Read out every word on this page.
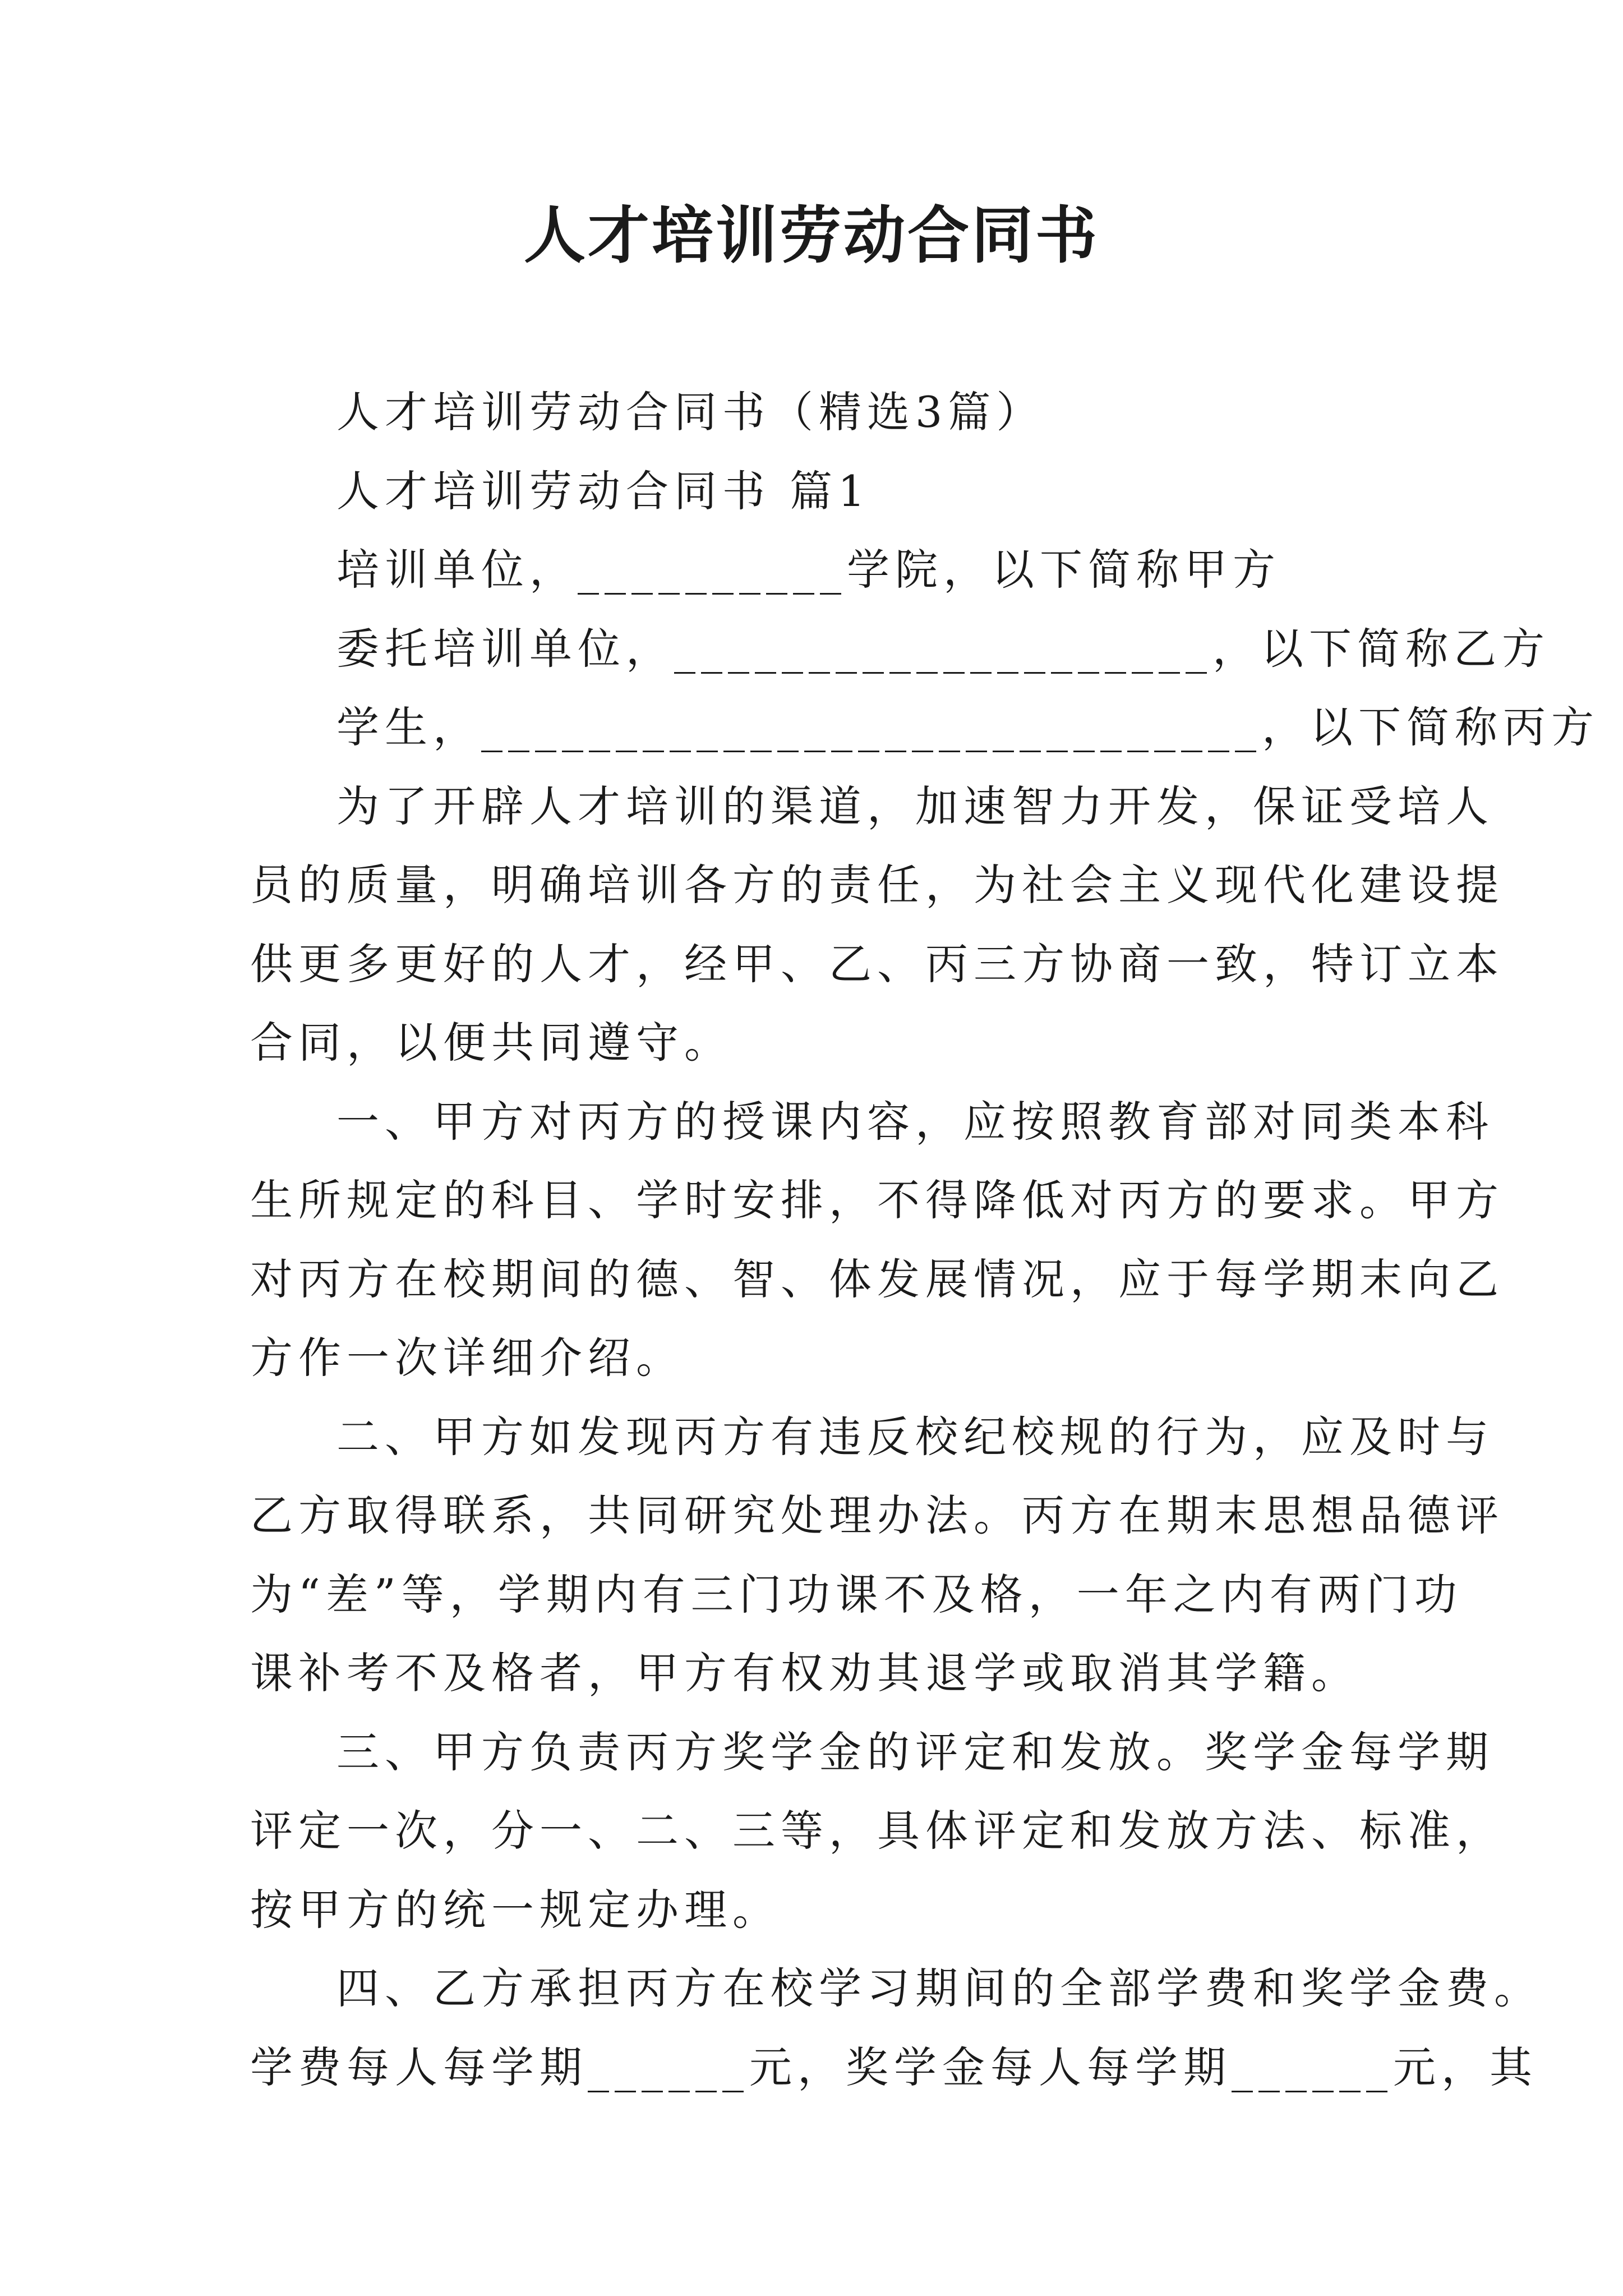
人才培训劳动合同书
人才培训劳动合同书（精选3篇）
人才培训劳动合同书 篇1
培训单位，__________学院，以下简称甲方
委托培训单位，____________________，以下简称乙方
学生，_____________________________，以下简称丙方
为了开辟人才培训的渠道，加速智力开发，保证受培人
员的质量，明确培训各方的责任，为社会主义现代化建设提
供更多更好的人才，经甲、乙、丙三方协商一致，特订立本
合同，以便共同遵守。
一、甲方对丙方的授课内容，应按照教育部对同类本科
生所规定的科目、学时安排，不得降低对丙方的要求。甲方
对丙方在校期间的德、智、体发展情况，应于每学期末向乙
方作一次详细介绍。
二、甲方如发现丙方有违反校纪校规的行为，应及时与
乙方取得联系，共同研究处理办法。丙方在期末思想品德评
为“差”等，学期内有三门功课不及格，一年之内有两门功
课补考不及格者，甲方有权劝其退学或取消其学籍。
三、甲方负责丙方奖学金的评定和发放。奖学金每学期
评定一次，分一、二、三等，具体评定和发放方法、标准，
按甲方的统一规定办理。
四、乙方承担丙方在校学习期间的全部学费和奖学金费。
学费每人每学期______元，奖学金每人每学期______元，其
